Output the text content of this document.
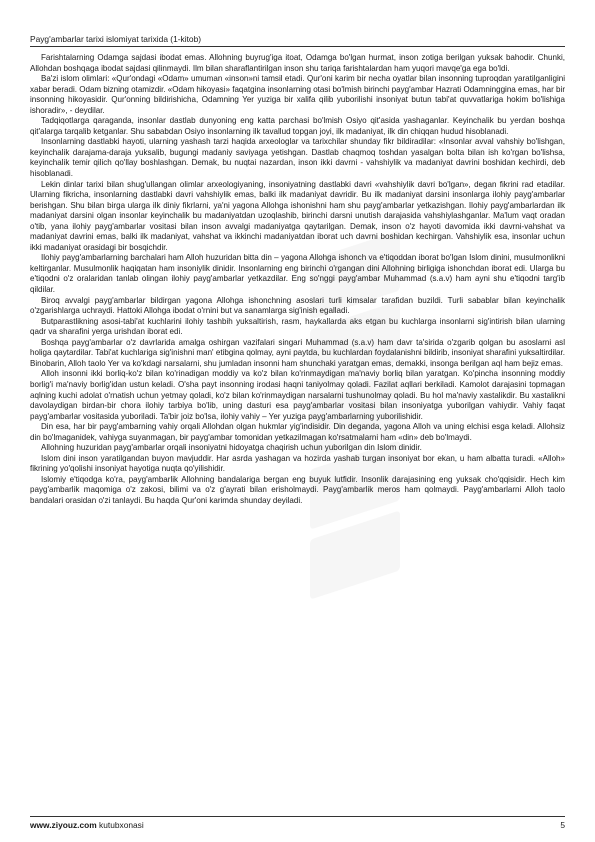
Payg'ambarlar tarixi islomiyat tarixida (1-kitob)

Farishtalarning Odamga sajdasi ibodat emas. Allohning buyrug'iga itoat, Odamga bo'lgan hurmat, inson zotiga berilgan yuksak bahodir. Chunki, Allohdan boshqaga ibodat sajdasi qilinmaydi. Ilm bilan sharaflantirilgan inson shu tariqa farishtalardan ham yuqori mavqe'ga ega bo'ldi.

Ba'zi islom olimlari: «Qur'ondagi «Odam» umuman «inson»ni tamsil etadi. Qur'oni karim bir necha oyatlar bilan insonning tuproqdan yaratilganligini xabar beradi. Odam bizning otamizdir. «Odam hikoyasi» faqatgina insonlarning otasi bo'lmish birinchi payg'ambar Hazrati Odamninggina emas, har bir insonning hikoyasidir. Qur'onning bildirishicha, Odamning Yer yuziga bir xalifa qilib yuborilishi insoniyat butun tabi'at quvvatlariga hokim bo'lishiga ishoradir», - deydilar.

Tadqiqotlarga qaraganda, insonlar dastlab dunyoning eng katta parchasi bo'lmish Osiyo qit'asida yashaganlar. Keyinchalik bu yerdan boshqa qit'alarga tarqalib ketganlar. Shu sababdan Osiyo insonlarning ilk tavallud topgan joyi, ilk madaniyat, ilk din chiqqan hudud hisoblanadi.

Insonlarning dastlabki hayoti, ularning yashash tarzi haqida arxeologlar va tarixchilar shunday fikr bildiradilar: «Insonlar avval vahshiy bo'lishgan, keyinchalik darajama-daraja yuksalib, bugungi madaniy saviyaga yetishgan. Dastlab chaqmoq toshdan yasalgan bolta bilan ish ko'rgan bo'lishsa, keyinchalik temir qilich qo'llay boshlashgan. Demak, bu nuqtai nazardan, inson ikki davrni - vahshiylik va madaniyat davrini boshidan kechirdi, deb hisoblanadi.

Lekin dinlar tarixi bilan shug'ullangan olimlar arxeologiyaning, insoniyatning dastlabki davri «vahshiylik davri bo'lgan», degan fikrini rad etadilar. Ularning fikricha, insonlarning dastlabki davri vahshiylik emas, balki ilk madaniyat davridir. Bu ilk madaniyat darsini insonlarga ilohiy payg'ambarlar berishgan. Shu bilan birga ularga ilk diniy fikrlarni, ya'ni yagona Allohga ishonishni ham shu payg'ambarlar yetkazishgan. Ilohiy payg'ambarlardan ilk madaniyat darsini olgan insonlar keyinchalik bu madaniyatdan uzoqlashib, birinchi darsni unutish darajasida vahshiylashganlar. Ma'lum vaqt oradan o'tib, yana ilohiy payg'ambarlar vositasi bilan inson avvalgi madaniyatga qaytarilgan. Demak, inson o'z hayoti davomida ikki davrni-vahshat va madaniyat davrini emas, balki ilk madaniyat, vahshat va ikkinchi madaniyatdan iborat uch davrni boshidan kechirgan. Vahshiylik esa, insonlar uchun ikki madaniyat orasidagi bir bosqichdir.

Ilohiy payg'ambarlarning barchalari ham Alloh huzuridan bitta din – yagona Allohga ishonch va e'tiqoddan iborat bo'lgan Islom dinini, musulmonlikni keltirganlar. Musulmonlik haqiqatan ham insoniylik dinidir. Insonlarning eng birinchi o'rgangan dini Allohning birligiga ishonchdan iborat edi. Ularga bu e'tiqodni o'z oralaridan tanlab olingan ilohiy payg'ambarlar yetkazdilar. Eng so'nggi payg'ambar Muhammad (s.a.v) ham ayni shu e'tiqodni targ'ib qildilar.

Biroq avvalgi payg'ambarlar bildirgan yagona Allohga ishonchning asoslari turli kimsalar tarafidan buzildi. Turli sabablar bilan keyinchalik o'zgarishlarga uchraydi. Hattoki Allohga ibodat o'rnini but va sanamlarga sig'inish egalladi.

Butparastlikning asosi-tabi'at kuchlarini ilohiy tashbih yuksaltirish, rasm, haykallarda aks etgan bu kuchlarga insonlarni sig'intirish bilan ularning qadr va sharafini yerga urishdan iborat edi.

Boshqa payg'ambarlar o'z davrlarida amalga oshirgan vazifalari singari Muhammad (s.a.v) ham davr ta'sirida o'zgarib qolgan bu asoslarni asl holiga qaytardilar. Tabi'at kuchlariga sig'inishni man' etibgina qolmay, ayni paytda, bu kuchlardan foydalanishni bildirib, insoniyat sharafini yuksaltirdilar. Binobarin, Alloh taolo Yer va ko'kdagi narsalarni, shu jumladan insonni ham shunchaki yaratgan emas, demakki, insonga berilgan aql ham bejiz emas.

Alloh insonni ikki borliq-ko'z bilan ko'rinadigan moddiy va ko'z bilan ko'rinmaydigan ma'naviy borliq bilan yaratgan. Ko'pincha insonning moddiy borlig'i ma'naviy borlig'idan ustun keladi. O'sha payt insonning irodasi haqni taniyolmay qoladi. Fazilat aqllari berkiladi. Kamolot darajasini topmagan aqlning kuchi adolat o'rnatish uchun yetmay qoladi, ko'z bilan ko'rinmaydigan narsalarni tushunolmay qoladi. Bu hol ma'naviy xastalikdir. Bu xastalikni davolaydigan birdan-bir chora ilohiy tarbiya bo'lib, uning dasturi esa payg'ambarlar vositasi bilan insoniyatga yuborilgan vahiydir. Vahiy faqat payg'ambarlar vositasida yuboriladi. Ta'bir joiz bo'lsa, ilohiy vahiy – Yer yuziga payg'ambarlarning yuborilishidir.

Din esa, har bir payg'ambarning vahiy orqali Allohdan olgan hukmlar yig'indisidir. Din deganda, yagona Alloh va uning elchisi esga keladi. Allohsiz din bo'lmaganidek, vahiyga suyanmagan, bir payg'ambar tomonidan yetkazilmagan ko'rsatmalarni ham «din» deb bo'lmaydi.

Allohning huzuridan payg'ambarlar orqali insoniyatni hidoyatga chaqirish uchun yuborilgan din Islom dinidir.

Islom dini inson yaratilgandan buyon mavjuddir. Har asrda yashagan va hozirda yashab turgan insoniyat bor ekan, u ham albatta turadi. «Alloh» fikrining yo'qolishi insoniyat hayotiga nuqta qo'yilishidir.

Islomiy e'tiqodga ko'ra, payg'ambarlik Allohning bandalariga bergan eng buyuk lutfidir. Insonlik darajasining eng yuksak cho'qqisidir. Hech kim payg'ambarlik maqomiga o'z zakosi, bilimi va o'z g'ayrati bilan erisholmaydi. Payg'ambarlik meros ham qolmaydi. Payg'ambarlarni Alloh taolo bandalari orasidan o'zi tanlaydi. Bu haqda Qur'oni karimda shunday deyiladi.

www.ziyouz.com kutubxonasi	5
